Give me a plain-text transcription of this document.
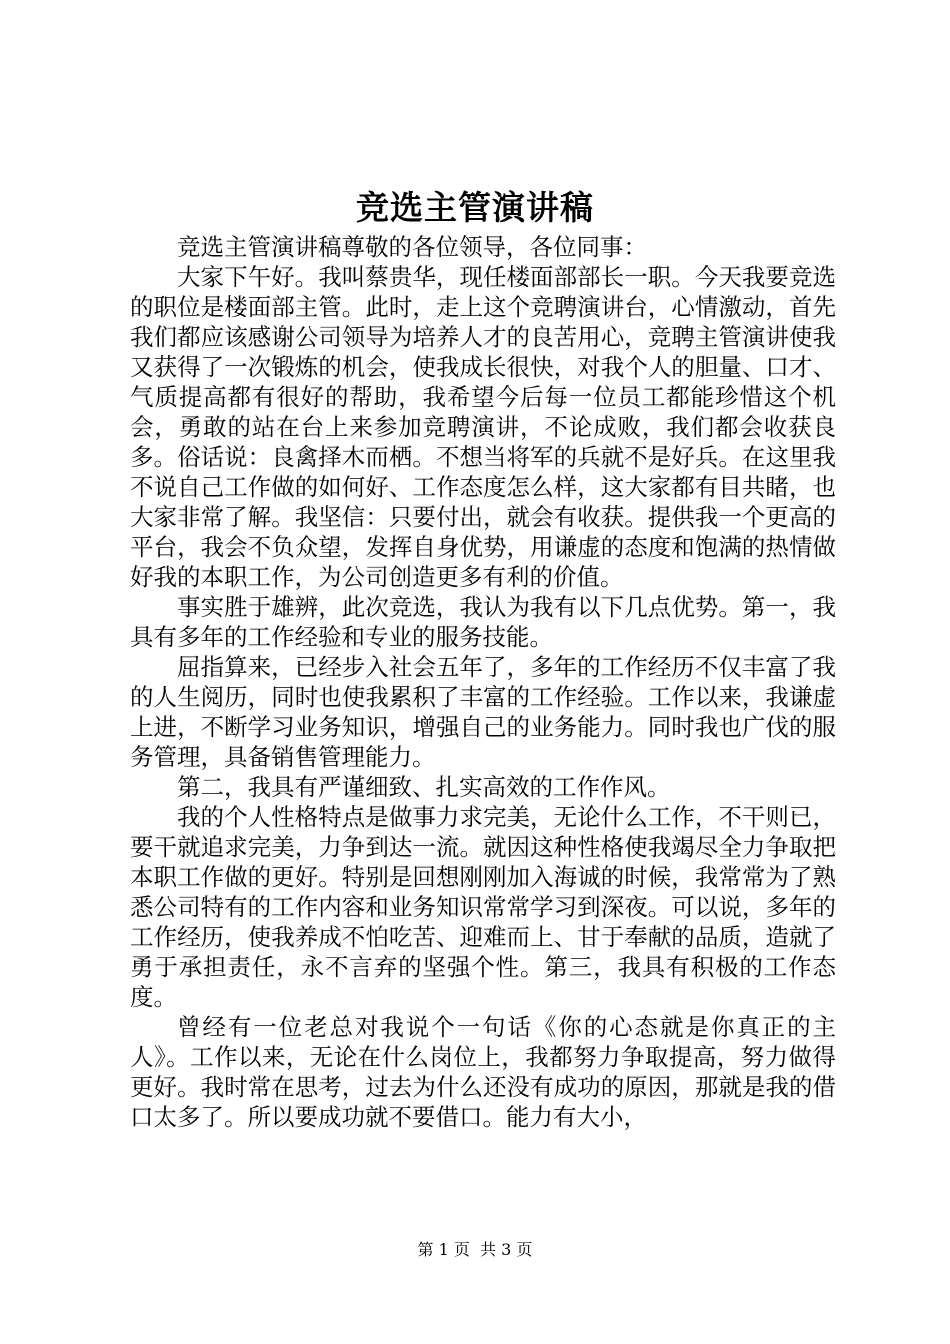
竞选主管演讲稿

竞选主管演讲稿尊敬的各位领导，各位同事：

大家下午好。我叫蔡贵华，现任楼面部部长一职。今天我要竞选的职位是楼面部主管。此时，走上这个竞聘演讲台，心情激动，首先我们都应该感谢公司领导为培养人才的良苦用心，竞聘主管演讲使我又获得了一次锻炼的机会，使我成长很快，对我个人的胆量、口才、气质提高都有很好的帮助，我希望今后每一位员工都能珍惜这个机会，勇敢的站在台上来参加竞聘演讲，不论成败，我们都会收获良多。俗话说：良禽择木而栖。不想当将军的兵就不是好兵。在这里我不说自己工作做的如何好、工作态度怎么样，这大家都有目共睹，也大家非常了解。我坚信：只要付出，就会有收获。提供我一个更高的平台，我会不负众望，发挥自身优势，用谦虚的态度和饱满的热情做好我的本职工作，为公司创造更多有利的价值。

事实胜于雄辨，此次竞选，我认为我有以下几点优势。第一，我具有多年的工作经验和专业的服务技能。

屈指算来，已经步入社会五年了，多年的工作经历不仅丰富了我的人生阅历，同时也使我累积了丰富的工作经验。工作以来，我谦虚上进，不断学习业务知识，增强自己的业务能力。同时我也广伐的服务管理，具备销售管理能力。

第二，我具有严谨细致、扎实高效的工作作风。

我的个人性格特点是做事力求完美，无论什么工作，不干则已，要干就追求完美，力争到达一流。就因这种性格使我竭尽全力争取把本职工作做的更好。特别是回想刚刚加入海诚的时候，我常常为了熟悉公司特有的工作内容和业务知识常常学习到深夜。可以说，多年的工作经历，使我养成不怕吃苦、迎难而上、甘于奉献的品质，造就了勇于承担责任，永不言弃的坚强个性。第三，我具有积极的工作态度。

曾经有一位老总对我说个一句话《你的心态就是你真正的主人》。工作以来，无论在什么岗位上，我都努力争取提高，努力做得更好。我时常在思考，过去为什么还没有成功的原因，那就是我的借口太多了。所以要成功就不要借口。能力有大小，

第 1 页  共 3 页
